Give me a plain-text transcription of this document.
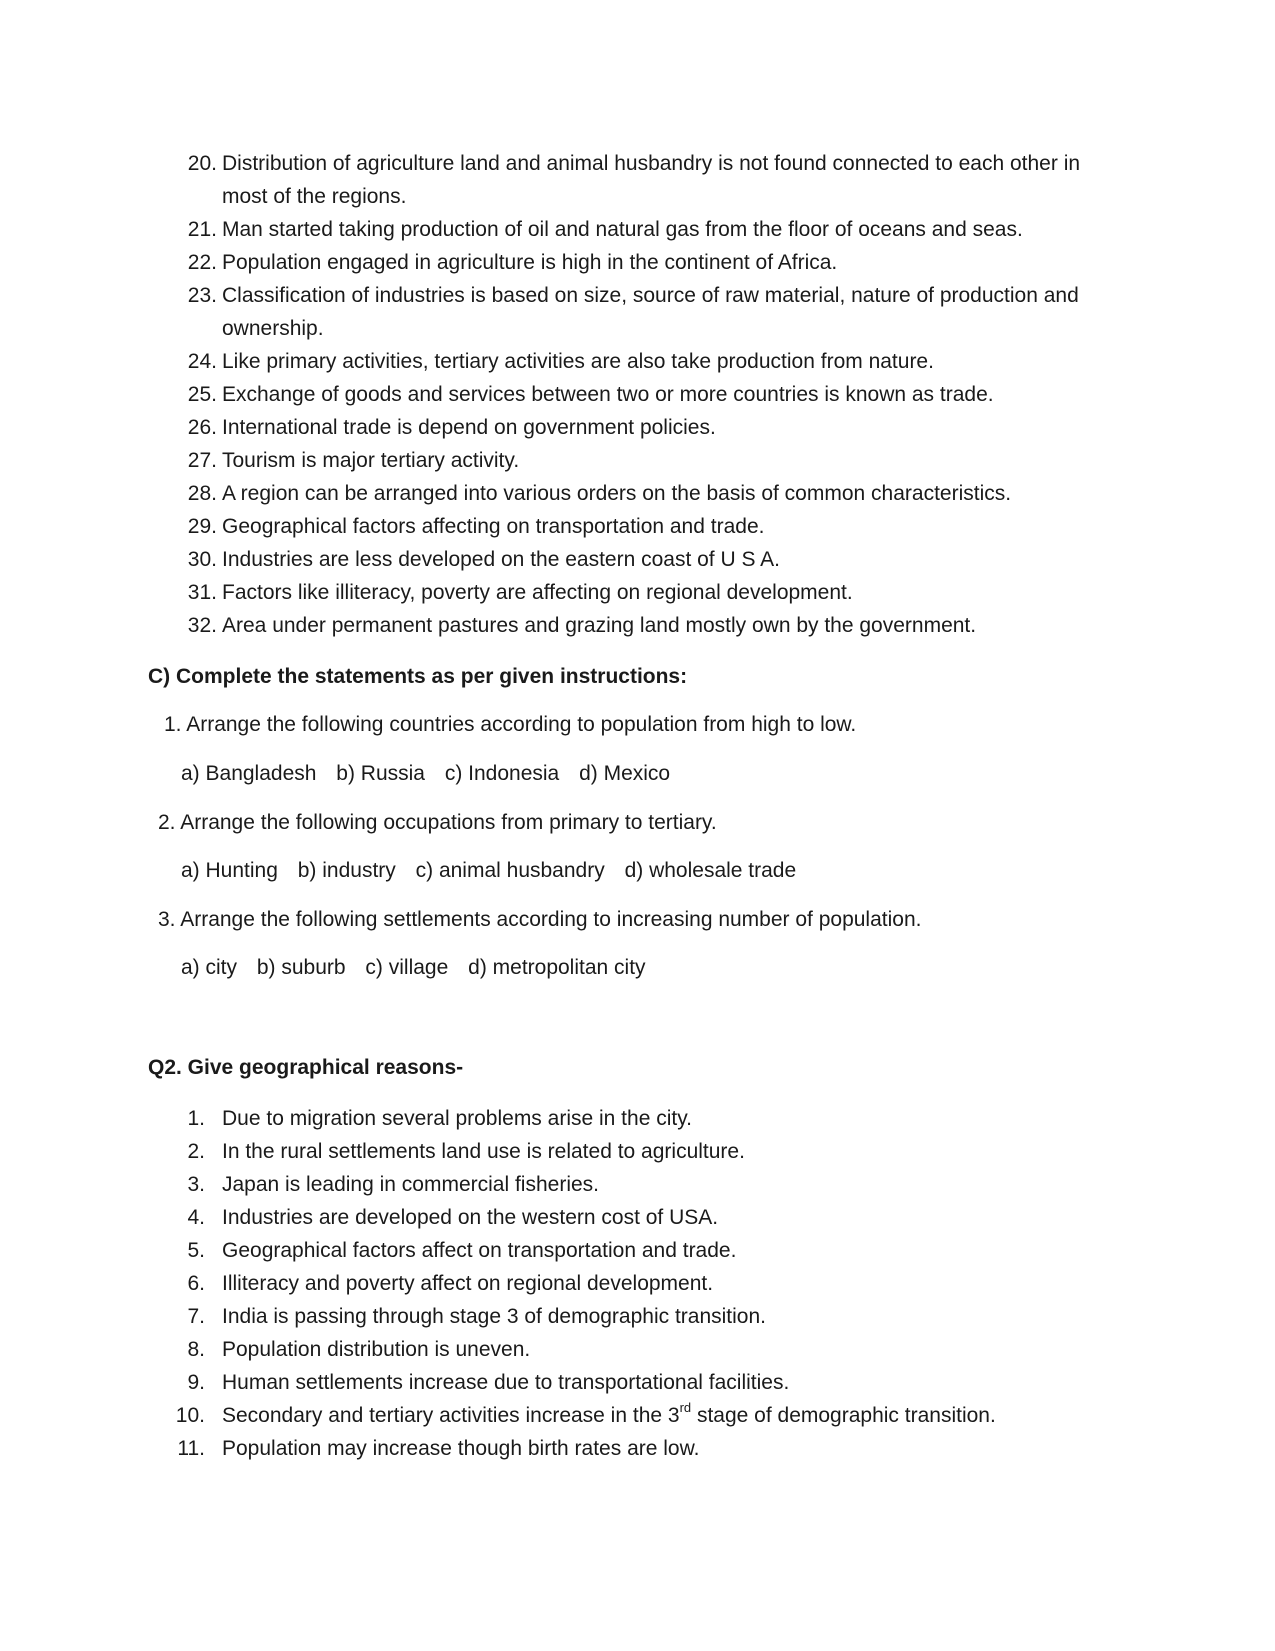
20. Distribution of agriculture land and animal husbandry is not found connected to each other in most of the regions.
21. Man started taking production of oil and natural gas from the floor of oceans and seas.
22. Population engaged in agriculture is high in the continent of Africa.
23. Classification of industries is based on size, source of raw material, nature of production and ownership.
24. Like primary activities, tertiary activities are also take production from nature.
25. Exchange of goods and services between two or more countries is known as trade.
26. International trade is depend on government policies.
27. Tourism is major tertiary activity.
28. A region can be arranged into various orders on the basis of common characteristics.
29. Geographical factors affecting on transportation and trade.
30. Industries are less developed on the eastern coast of U S A.
31. Factors like illiteracy, poverty are affecting on regional development.
32. Area under permanent pastures and grazing land mostly own by the government.
C) Complete the statements as per given instructions:
1. Arrange the following countries according to population from high to low.
a) Bangladesh b) Russia c) Indonesia d) Mexico
2. Arrange the following occupations from primary to tertiary.
a) Hunting b) industry c) animal husbandry d) wholesale trade
3. Arrange the following settlements according to increasing number of population.
a) city b) suburb c) village d) metropolitan city
Q2. Give geographical reasons-
1. Due to migration several problems arise in the city.
2. In the rural settlements land use is related to agriculture.
3. Japan is leading in commercial fisheries.
4. Industries are developed on the western cost of USA.
5. Geographical factors affect on transportation and trade.
6. Illiteracy and poverty affect on regional development.
7. India is passing through stage 3 of demographic transition.
8. Population distribution is uneven.
9. Human settlements increase due to transportational facilities.
10. Secondary and tertiary activities increase in the 3rd stage of demographic transition.
11. Population may increase though birth rates are low.
